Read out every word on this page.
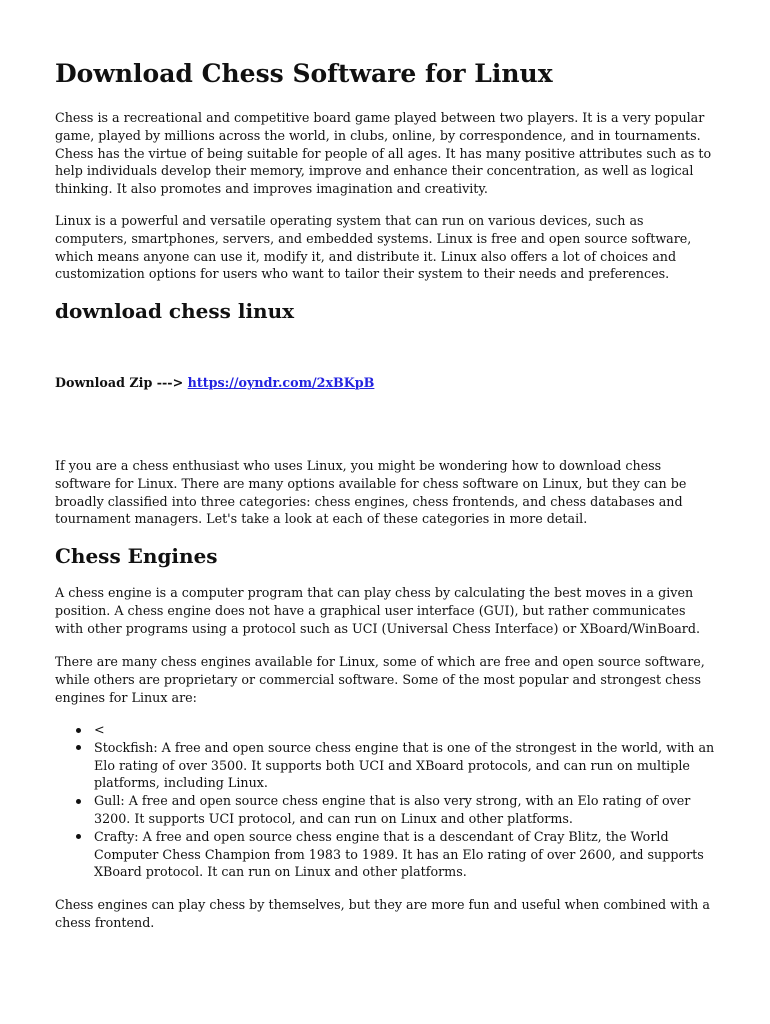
Download Chess Software for Linux

Chess is a recreational and competitive board game played between two players. It is a very popular game, played by millions across the world, in clubs, online, by correspondence, and in tournaments. Chess has the virtue of being suitable for people of all ages. It has many positive attributes such as to help individuals develop their memory, improve and enhance their concentration, as well as logical thinking. It also promotes and improves imagination and creativity.

Linux is a powerful and versatile operating system that can run on various devices, such as computers, smartphones, servers, and embedded systems. Linux is free and open source software, which means anyone can use it, modify it, and distribute it. Linux also offers a lot of choices and customization options for users who want to tailor their system to their needs and preferences.

download chess linux
Download Zip ---> https://oyndr.com/2xBKpB

If you are a chess enthusiast who uses Linux, you might be wondering how to download chess software for Linux. There are many options available for chess software on Linux, but they can be broadly classified into three categories: chess engines, chess frontends, and chess databases and tournament managers. Let's take a look at each of these categories in more detail.

Chess Engines

A chess engine is a computer program that can play chess by calculating the best moves in a given position. A chess engine does not have a graphical user interface (GUI), but rather communicates with other programs using a protocol such as UCI (Universal Chess Interface) or XBoard/WinBoard.

There are many chess engines available for Linux, some of which are free and open source software, while others are proprietary or commercial software. Some of the most popular and strongest chess engines for Linux are:

<
Stockfish: A free and open source chess engine that is one of the strongest in the world, with an Elo rating of over 3500. It supports both UCI and XBoard protocols, and can run on multiple platforms, including Linux.
Gull: A free and open source chess engine that is also very strong, with an Elo rating of over 3200. It supports UCI protocol, and can run on Linux and other platforms.
Crafty: A free and open source chess engine that is a descendant of Cray Blitz, the World Computer Chess Champion from 1983 to 1989. It has an Elo rating of over 2600, and supports XBoard protocol. It can run on Linux and other platforms.

Chess engines can play chess by themselves, but they are more fun and useful when combined with a chess frontend.
